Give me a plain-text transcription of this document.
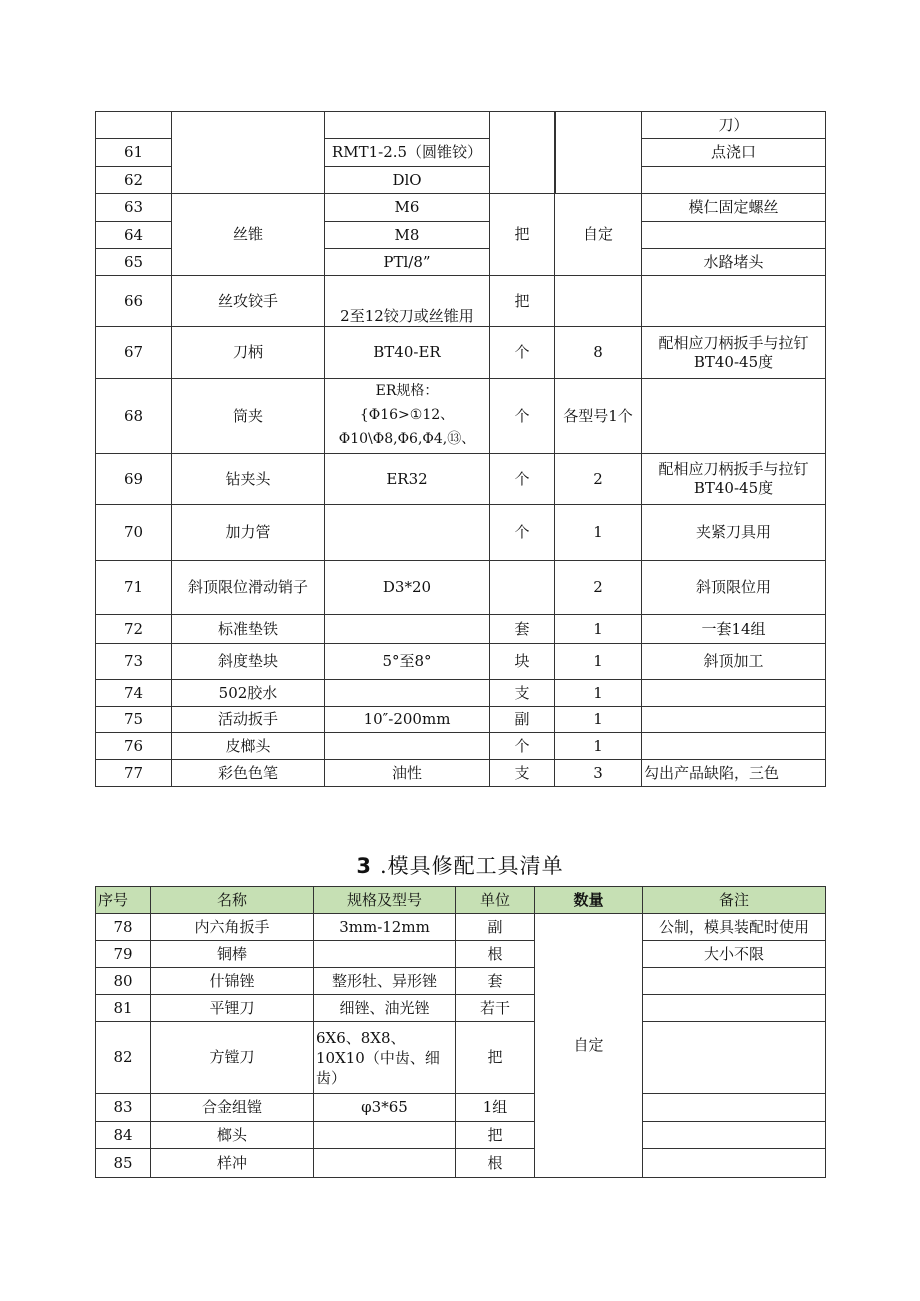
					刀）
61		RMT1-2.5（圆锥铰）			点浇口
62		DlO			
63	丝锥	M6	把	自定	模仁固定螺丝
64		M8			
65		PTl/8”			水路堵头
66	丝攻铰手	2至12铰刀或丝锥用	把		
67	刀柄	BT40-ER	个	8	配相应刀柄扳手与拉钉BT40-45度
68	筒夹	ER规格：
{Φ16>①12、
Φ10\Φ8,Φ6,Φ4,⑬、	个	各型号1个	
69	钻夹头	ER32	个	2	配相应刀柄扳手与拉钉BT40-45度
70	加力管		个	1	夹紧刀具用
71	斜顶限位滑动销子	D3*20		2	斜顶限位用
72	标准垫铁		套	1	一套14组
73	斜度垫块	5°至8°	块	1	斜顶加工
74	502胶水		支	1	
75	活动扳手	10″-200mm	副	1	
76	皮榔头		个	1	
77	彩色色笔	油性	支	3	勾出产品缺陷，三色
3 .模具修配工具清单
序号	名称	规格及型号	单位	数量	备注
78	内六角扳手	3mm-12mm	副	自定	公制，模具装配时使用
79	铜棒		根		大小不限
80	什锦锉	整形牡、异形锉	套		
81	平锂刀	细锉、油光锉	若干		
82	方镗刀	6X6、8X8、10X10（中齿、细齿）	把		
83	合金组镗	φ3*65	1组		
84	榔头		把		
85	样冲		根		
